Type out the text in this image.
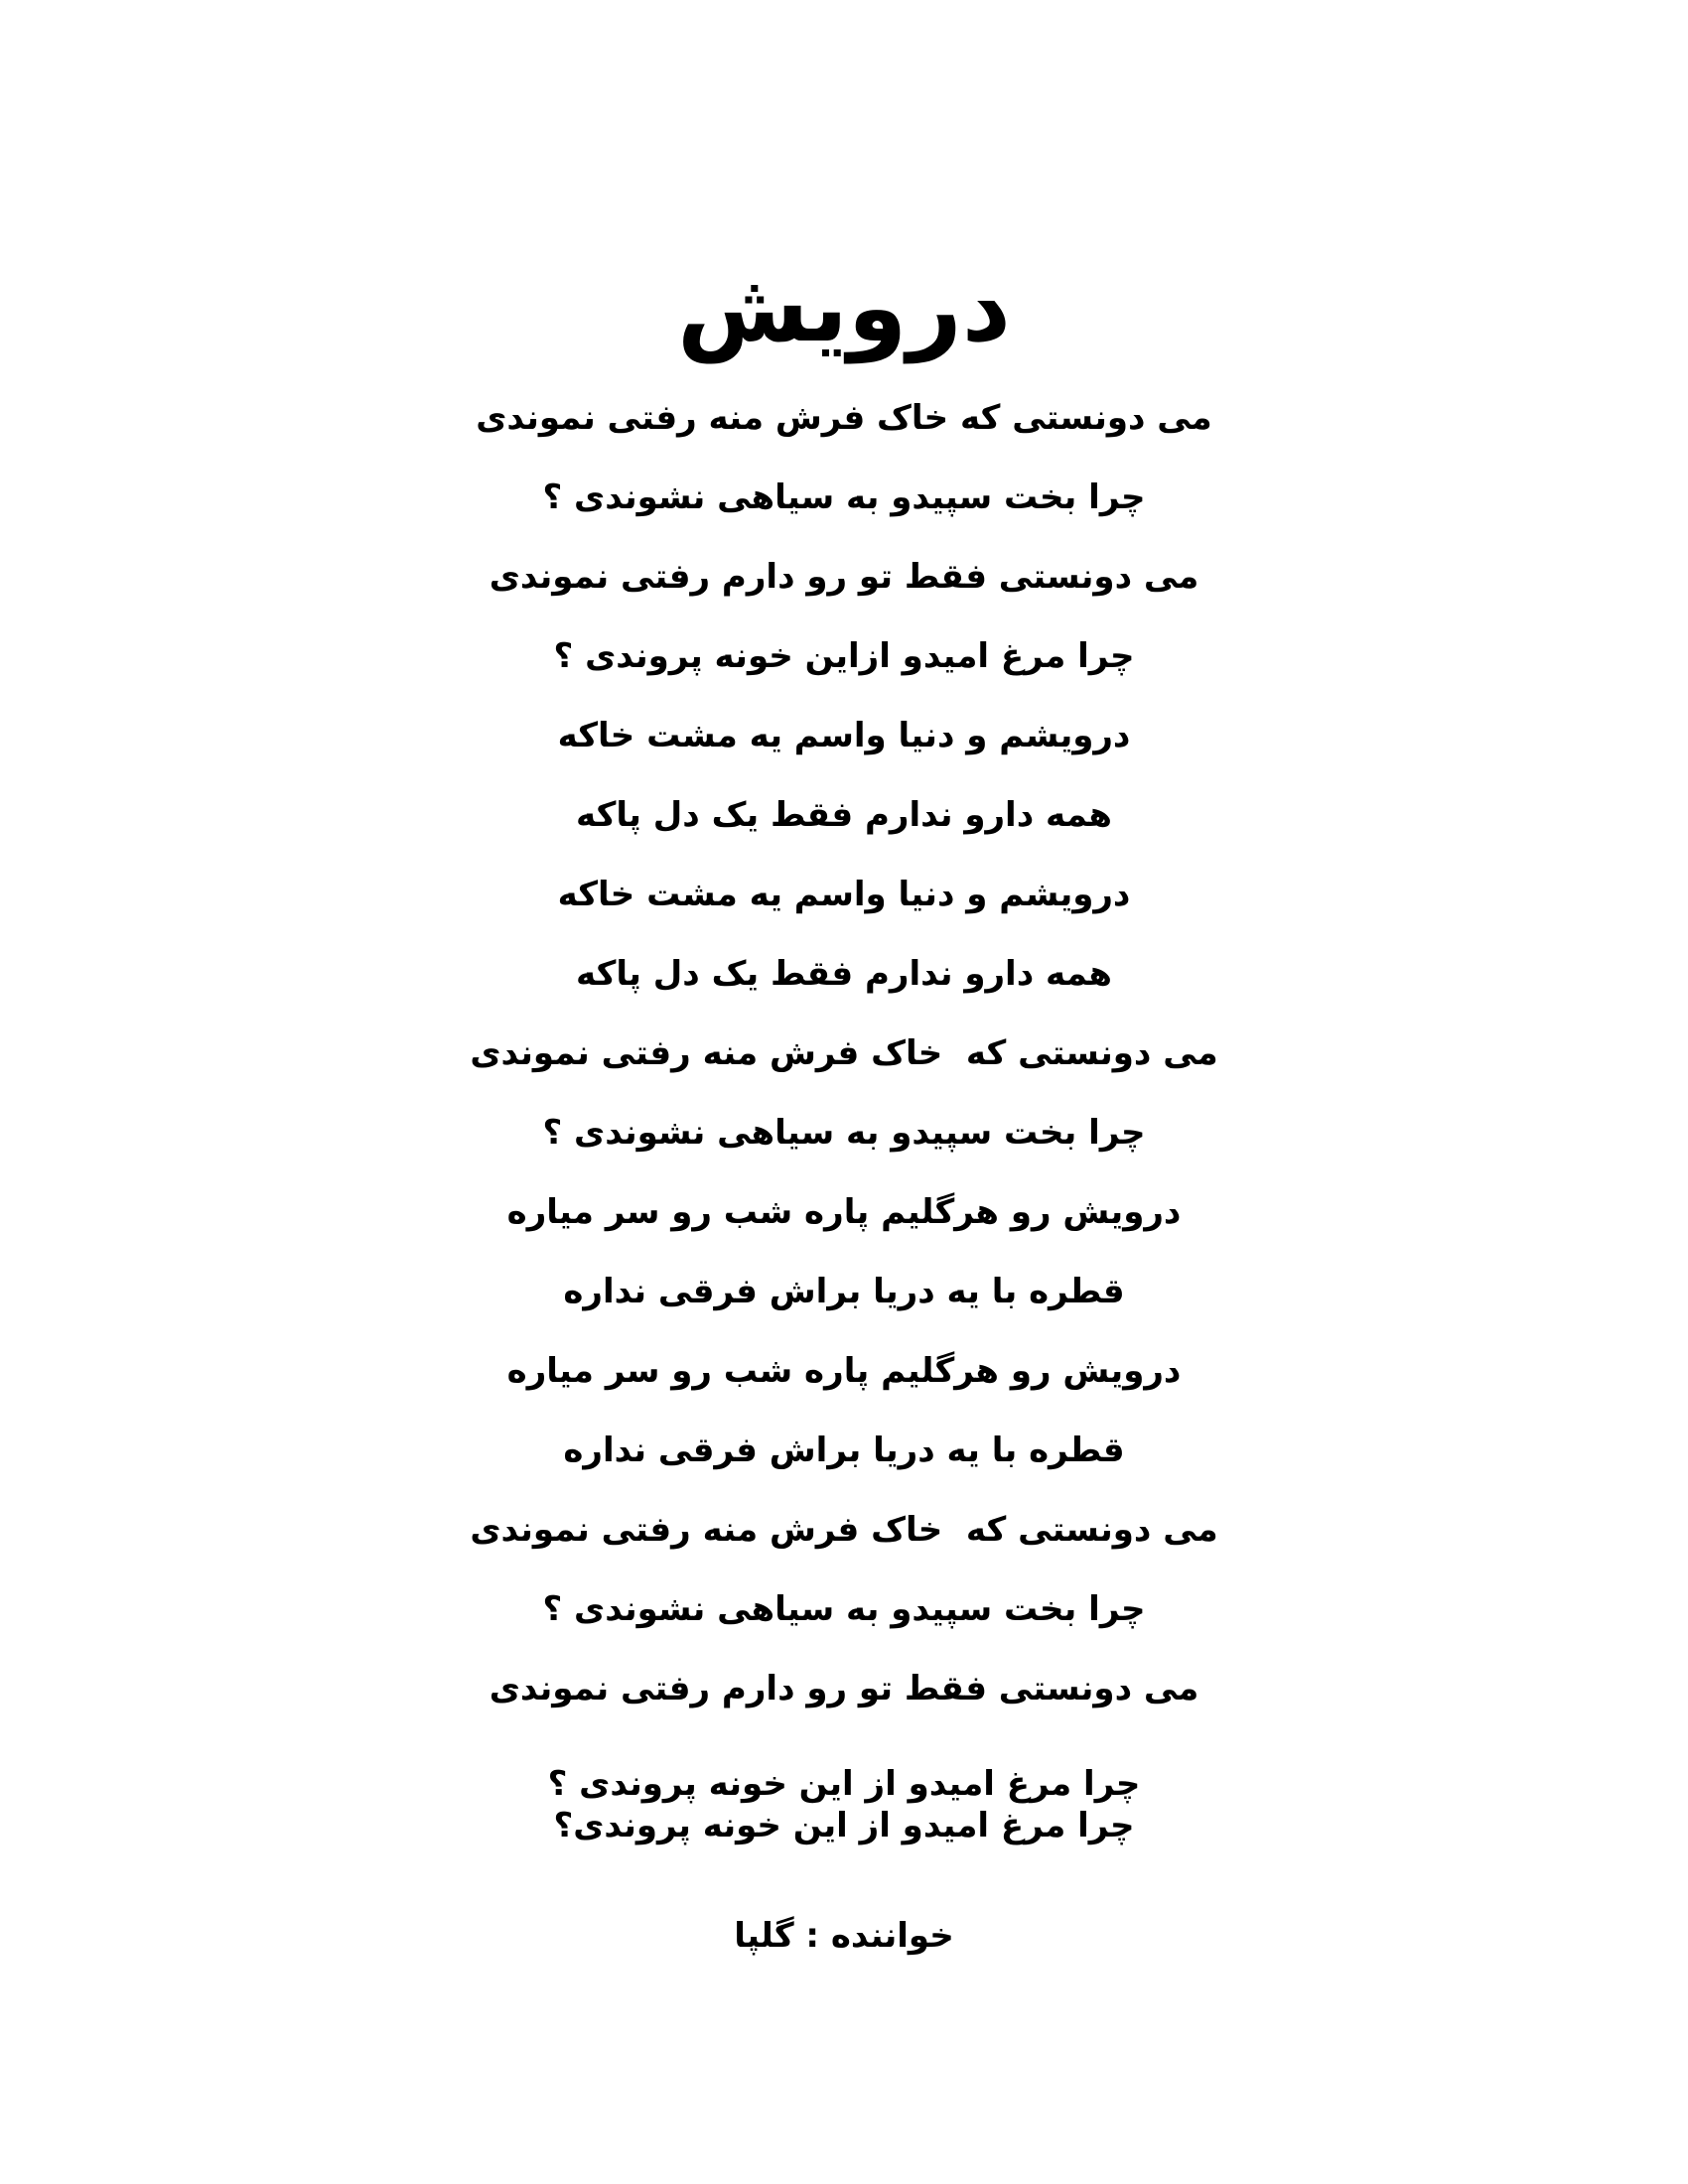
درویش
می دونستی که خاک فرش منه رفتی نموندی
چرا بخت سپیدو به سیاهی نشوندی ؟
می دونستی فقط تو رو دارم رفتی نموندی
چرا مرغ امیدو ازاین خونه پروندی ؟
درویشم و دنیا واسم یه مشت خاکه
همه دارو ندارم فقط یک دل پاکه
درویشم و دنیا واسم یه مشت خاکه
همه دارو ندارم فقط یک دل پاکه
می دونستی که  خاک فرش منه رفتی نموندی
چرا بخت سپیدو به سیاهی نشوندی ؟
درویش رو هرگلیم پاره شب رو سر میاره
قطره با یه دریا براش فرقی نداره
درویش رو هرگلیم پاره شب رو سر میاره
قطره با یه دریا براش فرقی نداره
می دونستی که  خاک فرش منه رفتی نموندی
چرا بخت سپیدو به سیاهی نشوندی ؟
می دونستی فقط تو رو دارم رفتی نموندی
چرا مرغ امیدو از این خونه پروندی ؟
چرا مرغ امیدو از این خونه پروندی؟
خواننده : گلپا
